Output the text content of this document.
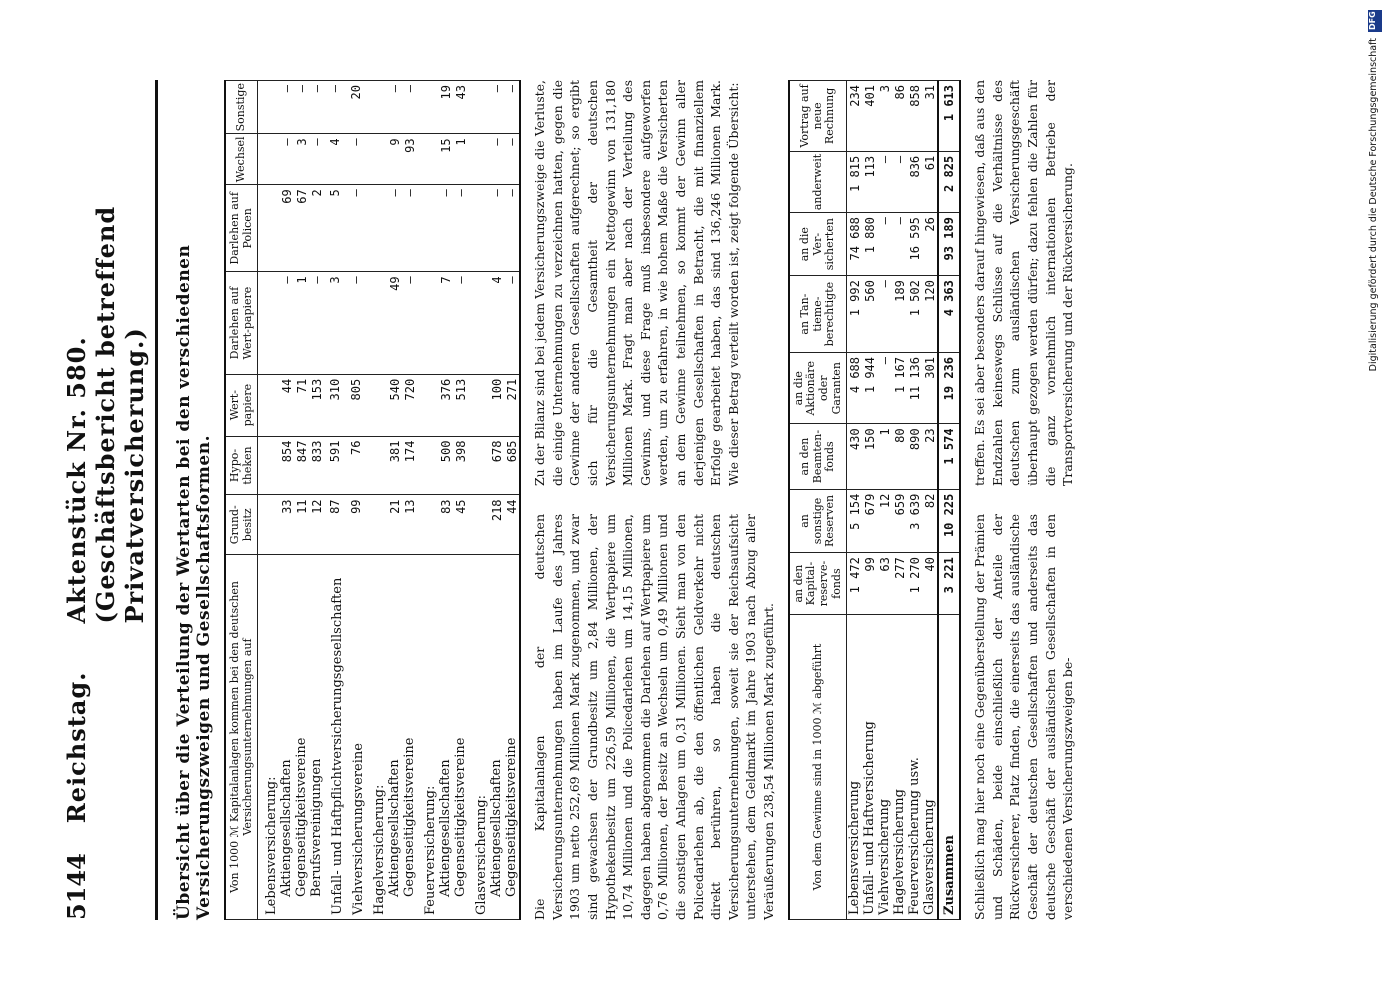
5144
Reichstag.
Aktenstück Nr. 580. (Geschäftsbericht betreffend Privatversicherung.) Übersicht über die Verteilung der Wertarten bei den verschiedenen Versicherungszweigen und Gesellschaftsformen. Von 1000 ℳ Kapitalanlagen kommen bei den deutschen Versicherungsunternehmungen auf	Grund-besitz	Hypo-theken	Wert-papiere	Darlehen auf Wert-papiere	Darlehen auf Policen	Wechsel	Sonstige
Lebensversicherung:							
Aktiengesellschaften	33	854	44	—	69	—	—
Gegenseitigkeitsvereine	11	847	71	1	67	3	—
Berufsvereinigungen	12	833	153	—	2	—	—
Unfall- und Haftpflichtversicherungsgesellschaften	87	591	310	3	5	4	—
Viehversicherungsvereine	99	76	805	—	—	—	20
Hagelversicherung:							
Aktiengesellschaften	21	381	540	49	—	9	—
Gegenseitigkeitsvereine	13	174	720	—	—	93	—
Feuerversicherung:							
Aktiengesellschaften	83	500	376	7	—	15	19
Gegenseitigkeitsvereine	45	398	513	—	—	1	43
Glasversicherung:							
Aktiengesellschaften	218	678	100	4	—	—	—
Gegenseitigkeitsvereine	44	685	271	—	—	—	—
Die Kapitalanlagen der deutschen Versicherungsunternehmungen haben im Laufe des Jahres 1903 um netto 252,69 Millionen Mark zugenommen, und zwar sind gewachsen der Grundbesitz um 2,84 Millionen, der Hypothekenbesitz um 226,59 Millionen, die Wertpapiere um 10,74 Millionen und die Policedarlehen um 14,15 Millionen, dagegen haben abgenommen die Darlehen auf Wertpapiere um 0,76 Millionen, der Besitz an Wechseln um 0,49 Millionen und die sonstigen Anlagen um 0,31 Millionen. Sieht man von den Policedarlehen ab, die den öffentlichen Geldverkehr nicht direkt berühren, so haben die deutschen Versicherungsunternehmungen, soweit sie der Reichsaufsicht unterstehen, dem Geldmarkt im Jahre 1903 nach Abzug aller Veräußerungen 238,54 Millionen Mark zugeführt.
Zu der Bilanz sind bei jedem Versicherungszweige die Verluste, die einige Unternehmungen zu verzeichnen hatten, gegen die Gewinne der anderen Gesellschaften aufgerechnet; so ergibt sich für die Gesamtheit der deutschen Versicherungsunternehmungen ein Nettogewinn von 131,180 Millionen Mark. Fragt man aber nach der Verteilung des Gewinns, und diese Frage muß insbesondere aufgeworfen werden, um zu erfahren, in wie hohem Maße die Versicherten an dem Gewinne teilnehmen, so kommt der Gewinn aller derjenigen Gesellschaften in Betracht, die mit finanziellem Erfolge gearbeitet haben, das sind 136,246 Millionen Mark. Wie dieser Betrag verteilt worden ist, zeigt folgende Übersicht:
Von dem Gewinne sind in 1000 ℳ abgeführt	an den Kapital-reserve-fonds	an sonstige Reserven	an den Beamten-fonds	an die Aktionäre oder Garanten	an Tan-tieme-berechtigte	an die Ver-sicherten	anderweit	Vortrag auf neue Rechnung
Lebensversicherung	1 472	5 154	430	4 688	1 992	74 688	1 815	234
Unfall- und Haftversicherung	99	679	150	1 944	560	1 880	113	401
Viehversicherung	63	12	1	—	—	—	—	3
Hagelversicherung	277	659	80	1 167	189	—	—	86
Feuerversicherung usw.	1 270	3 639	890	11 136	1 502	16 595	836	858
Glasversicherung	40	82	23	301	120	26	61	31
Zusammen	3 221	10 225	1 574	19 236	4 363	93 189	2 825	1 613
Schließlich mag hier noch eine Gegenüberstellung der Prämien und Schäden, beide einschließlich der Anteile der Rückversicherer, Platz finden, die einerseits das ausländische Geschäft der deutschen Gesellschaften und anderseits das deutsche Geschäft der ausländischen Gesellschaften in den verschiedenen Versicherungszweigen be-
treffen. Es sei aber besonders darauf hingewiesen, daß aus den Endzahlen keineswegs Schlüsse auf die Verhältnisse des deutschen zum ausländischen Versicherungsgeschäft überhaupt gezogen werden dürfen; dazu fehlen die Zahlen für die ganz vornehmlich internationalen Betriebe der Transportversicherung und der Rückversicherung.
DFG
Digitalisierung gefördert durch die Deutsche Forschungsgemeinschaft
